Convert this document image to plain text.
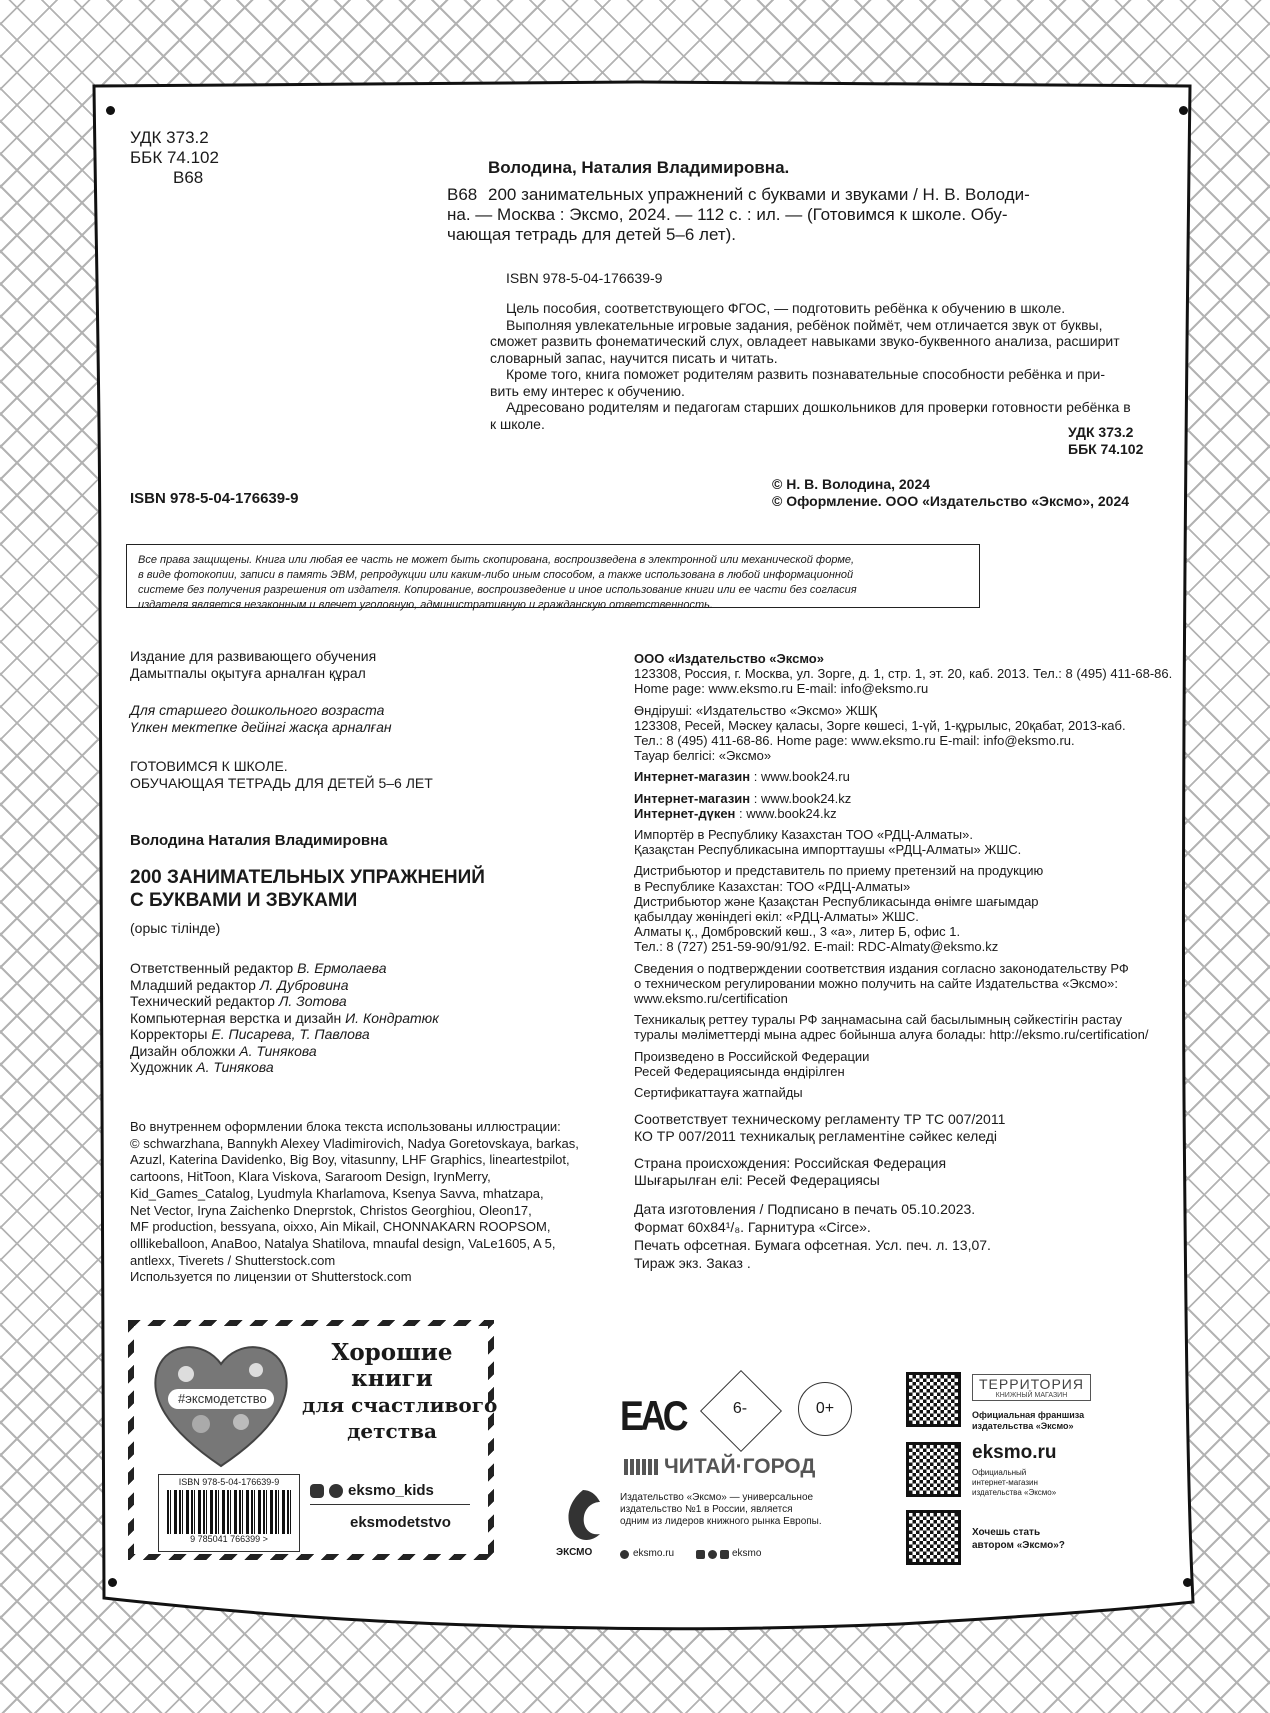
УДК 373.2
ББК 74.102
В68
Володина, Наталия Владимировна.
В68 200 занимательных упражнений с буквами и звуками / Н. В. Володи-
на. — Москва : Эксмо, 2024. — 112 с. : ил. — (Готовимся к школе. Обу-
чающая тетрадь для детей 5–6 лет).
ISBN 978-5-04-176639-9
Цель пособия, соответствующего ФГОС, — подготовить ребёнка к обучению в школе.
Выполняя увлекательные игровые задания, ребёнок поймёт, чем отличается звук от буквы,
сможет развить фонематический слух, овладеет навыками звуко-буквенного анализа, расширит
словарный запас, научится писать и читать.
Кроме того, книга поможет родителям развить познавательные способности ребёнка и при-
вить ему интерес к обучению.
Адресовано родителям и педагогам старших дошкольников для проверки готовности ребёнка в
к школе.
УДК 373.2
ББК 74.102
ISBN 978-5-04-176639-9
© Н. В. Володина, 2024
© Оформление. ООО «Издательство «Эксмо», 2024
Все права защищены. Книга или любая ее часть не может быть скопирована, воспроизведена в электронной или механической форме,
в виде фотокопии, записи в память ЭВМ, репродукции или каким-либо иным способом, а также использована в любой информационной
системе без получения разрешения от издателя. Копирование, воспроизведение и иное использование книги или ее части без согласия
издателя является незаконным и влечет уголовную, административную и гражданскую ответственность.
Издание для развивающего обучения
Дамытпалы оқытуға арналған құрал
Для старшего дошкольного возраста
Үлкен мектепке дейінгі жасқа арналған
ГОТОВИМСЯ К ШКОЛЕ.
ОБУЧАЮЩАЯ ТЕТРАДЬ ДЛЯ ДЕТЕЙ 5–6 ЛЕТ
Володина Наталия Владимировна
200 ЗАНИМАТЕЛЬНЫХ УПРАЖНЕНИЙ
С БУКВАМИ И ЗВУКАМИ
(орыс тілінде)
Ответственный редактор В. Ермолаева
Младший редактор Л. Дубровина
Технический редактор Л. Зотова
Компьютерная верстка и дизайн И. Кондратюк
Корректоры Е. Писарева, Т. Павлова
Дизайн обложки А. Тинякова
Художник А. Тинякова
Во внутреннем оформлении блока текста использованы иллюстрации:
© schwarzhana, Bannykh Alexey Vladimirovich, Nadya Goretovskaya, barkas,
Azuzl, Katerina Davidenko, Big Boy, vitasunny, LHF Graphics, lineartestpilot,
cartoons, HitToon, Klara Viskova, Sararoom Design, IrynMerry,
Kid_Games_Catalog, Lyudmyla Kharlamova, Ksenya Savva, mhatzapa,
Net Vector, Iryna Zaichenko Dneprstok, Christos Georghiou, Oleon17,
MF production, bessyana, oixxo, Ain Mikail, CHONNAKARN ROOPSOM,
olllikeballoon, AnaBoo, Natalya Shatilova, mnaufal design, VaLe1605, A 5,
antlexx, Tiverets / Shutterstock.com
Используется по лицензии от Shutterstock.com
ООО «Издательство «Эксмо»
123308, Россия, г. Москва, ул. Зорге, д. 1, стр. 1, эт. 20, каб. 2013. Тел.: 8 (495) 411-68-86.
Home page: www.eksmo.ru E-mail: info@eksmo.ru
Өндіруші: «Издательство «Эксмо» ЖШҚ
123308, Ресей, Мәскеу қаласы, Зорге көшесі, 1-үй, 1-құрылыс, 20қабат, 2013-каб.
Тел.: 8 (495) 411-68-86. Home page: www.eksmo.ru E-mail: info@eksmo.ru.
Тауар белгісі: «Эксмо»
Интернет-магазин : www.book24.ru
Интернет-магазин : www.book24.kz
Интернет-дүкен : www.book24.kz
Импортёр в Республику Казахстан ТОО «РДЦ-Алматы».
Қазақстан Республикасына импорттаушы «РДЦ-Алматы» ЖШС.
Дистрибьютор и представитель по приему претензий на продукцию
в Республике Казахстан: ТОО «РДЦ-Алматы»
Дистрибьютор және Қазақстан Республикасында өнімге шағымдар
қабылдау жөніндегі өкіл: «РДЦ-Алматы» ЖШС.
Алматы қ., Домбровский көш., 3 «а», литер Б, офис 1.
Тел.: 8 (727) 251-59-90/91/92. E-mail: RDC-Almaty@eksmo.kz
Сведения о подтверждении соответствия издания согласно законодательству РФ
о техническом регулировании можно получить на сайте Издательства «Эксмо»:
www.eksmo.ru/certification
Техникалық реттеу туралы РФ заңнамасына сай басылымның сәйкестігін растау
туралы мәліметтерді мына адрес бойынша алуға болады: http://eksmo.ru/certification/
Произведено в Российской Федерации
Ресей Федерациясында өндірілген
Сертификаттауға жатпайды
Соответствует техническому регламенту ТР ТС 007/2011
КО ТР 007/2011 техникалық регламентіне сәйкес келеді
Страна происхождения: Российская Федерация
Шығарылған елі: Ресей Федерациясы
Дата изготовления / Подписано в печать 05.10.2023.
Формат 60х84¹/₈. Гарнитура «Circe».
Печать офсетная. Бумага офсетная. Усл. печ. л. 13,07.
Тираж экз. Заказ .
#эксмодетство
Хорошие
книги
для счастливого
детства
ISBN 978-5-04-176639-9
9 785041 766399 >
eksmo_kids
eksmodetstvo
EAC	6-	0+
ЧИТАЙ·ГОРОД
ЭКСМО
Издательство «Эксмо» — универсальное
издательство №1 в России, является
одним из лидеров книжного рынка Европы.
eksmo.ru	eksmo
ТЕРРИТОРИЯ
КНИЖНЫЙ МАГАЗИН
Официальная франшиза
издательства «Эксмо»
eksmo.ru
Официальный
интернет-магазин
издательства «Эксмо»
Хочешь стать
автором «Эксмо»?
